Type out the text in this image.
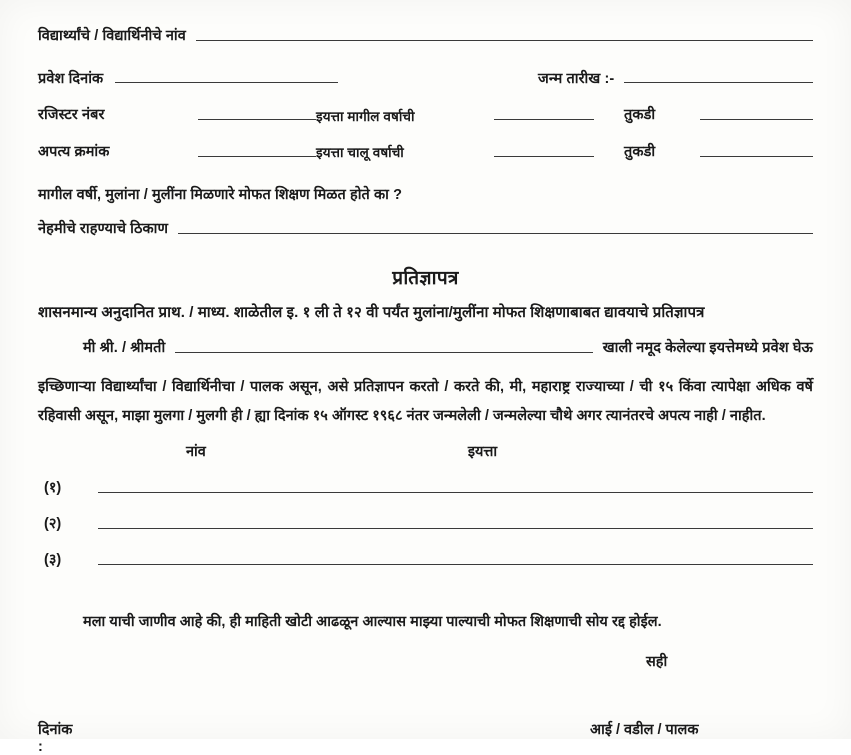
विद्यार्थ्यांचे / विद्यार्थिनीचे नांव
प्रवेश दिनांक	जन्म तारीख :-
रजिस्टर नंबर	इयत्ता मागील वर्षाची	तुकडी
अपत्य क्रमांक	इयत्ता चालू वर्षाची	तुकडी
मागील वर्षी, मुलांना / मुलींना मिळणारे मोफत शिक्षण मिळत होते का ?
नेहमीचे राहण्याचे ठिकाण
प्रतिज्ञापत्र
शासनमान्य अनुदानित प्राथ. / माध्य. शाळेतील इ. १ ली ते १२ वी पर्यंत मुलांना/मुलींना मोफत शिक्षणाबाबत द्यावयाचे प्रतिज्ञापत्र
मी श्री. / श्रीमती	खाली नमूद केलेल्या इयत्तेमध्ये प्रवेश घेऊ
इच्छिणाऱ्या विद्यार्थ्यांचा / विद्यार्थिनीचा / पालक असून, असे प्रतिज्ञापन करतो / करते की, मी, महाराष्ट्र राज्याच्या / ची १५ किंवा त्यापेक्षा अधिक वर्षे रहिवासी असून, माझा मुलगा / मुलगी ही / ह्या दिनांक १५ ऑगस्ट १९६८ नंतर जन्मलेली / जन्मलेल्या चौथे अगर त्यानंतरचे अपत्य नाही / नाहीत.
नांव	इयत्ता
(१)
(२)
(३)
मला याची जाणीव आहे की, ही माहिती खोटी आढळून आल्यास माझ्या पाल्याची मोफत शिक्षणाची सोय रद्द होईल.
सही
दिनांक :
आई / वडील / पालक
